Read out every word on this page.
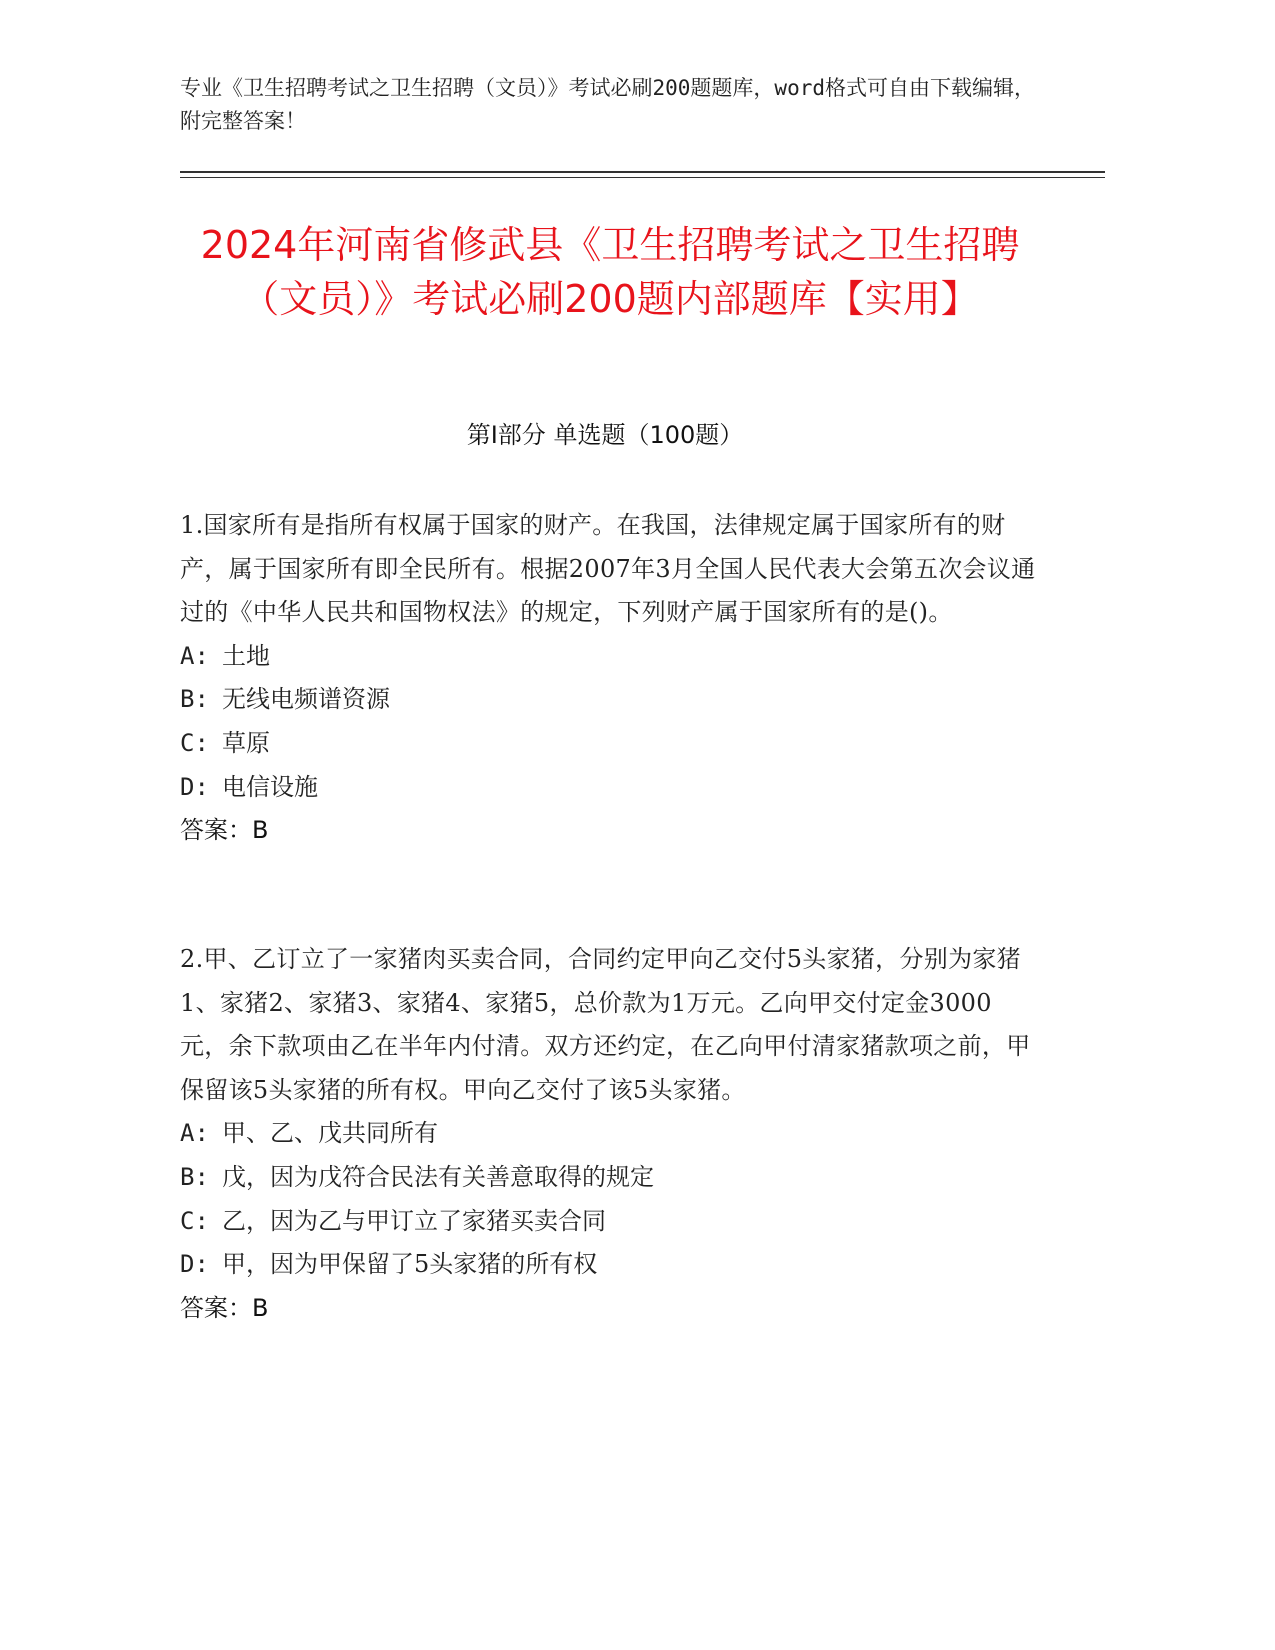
专业《卫生招聘考试之卫生招聘（文员）》考试必刷200题题库，word格式可自由下载编辑，附完整答案！
2024年河南省修武县《卫生招聘考试之卫生招聘（文员）》考试必刷200题内部题库【实用】
第I部分 单选题（100题）

1.国家所有是指所有权属于国家的财产。在我国，法律规定属于国家所有的财产，属于国家所有即全民所有。根据2007年3月全国人民代表大会第五次会议通过的《中华人民共和国物权法》的规定，下列财产属于国家所有的是()。

A: 土地
B: 无线电频谱资源
C: 草原
D: 电信设施
答案：B

2.甲、乙订立了一家猪肉买卖合同，合同约定甲向乙交付5头家猪，分别为家猪1、家猪2、家猪3、家猪4、家猪5，总价款为1万元。乙向甲交付定金3000元，余下款项由乙在半年内付清。双方还约定，在乙向甲付清家猪款项之前，甲保留该5头家猪的所有权。甲向乙交付了该5头家猪。

A: 甲、乙、戊共同所有
B: 戊，因为戊符合民法有关善意取得的规定
C: 乙，因为乙与甲订立了家猪买卖合同
D: 甲，因为甲保留了5头家猪的所有权
答案：B
